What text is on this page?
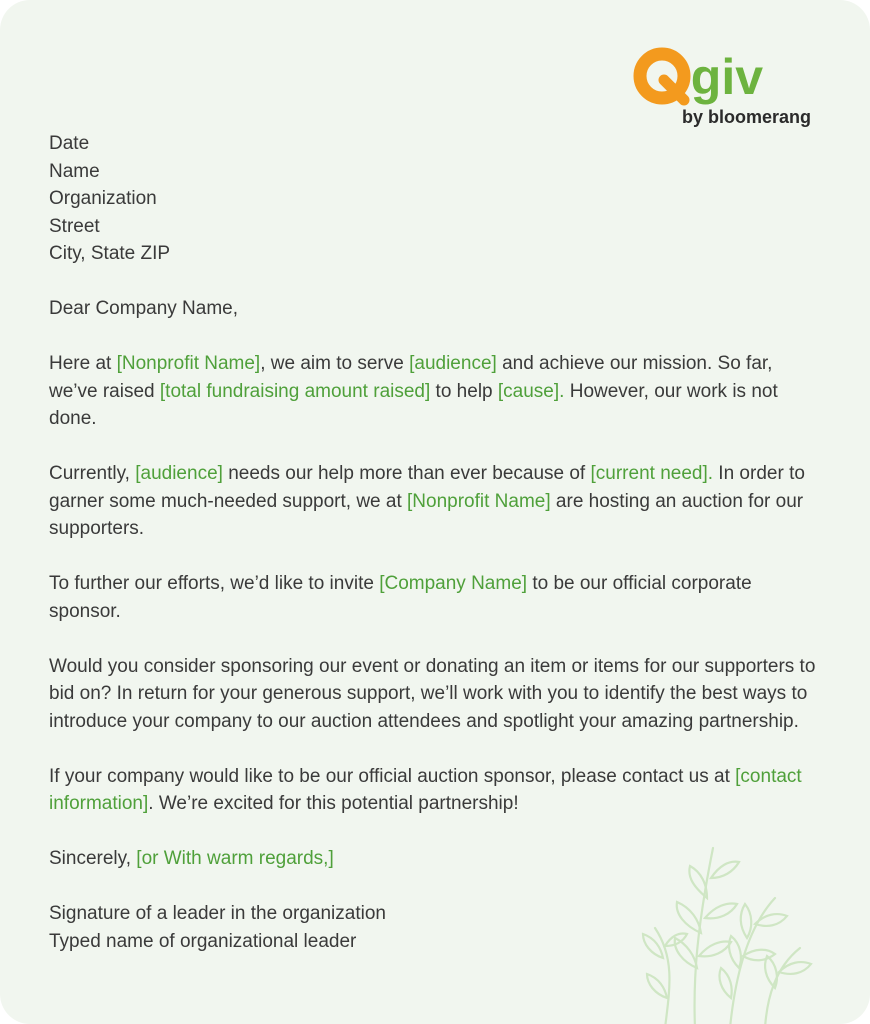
Qgiv
by bloomerang

Date
Name
Organization
Street
City, State ZIP

Dear Company Name,

Here at [Nonprofit Name], we aim to serve [audience] and achieve our mission. So far, we’ve raised [total fundraising amount raised] to help [cause]. However, our work is not done.

Currently, [audience] needs our help more than ever because of [current need]. In order to garner some much-needed support, we at [Nonprofit Name] are hosting an auction for our supporters.

To further our efforts, we’d like to invite [Company Name] to be our official corporate sponsor.

Would you consider sponsoring our event or donating an item or items for our supporters to bid on? In return for your generous support, we’ll work with you to identify the best ways to introduce your company to our auction attendees and spotlight your amazing partnership.

If your company would like to be our official auction sponsor, please contact us at [contact information]. We’re excited for this potential partnership!

Sincerely, [or With warm regards,]

Signature of a leader in the organization
Typed name of organizational leader
